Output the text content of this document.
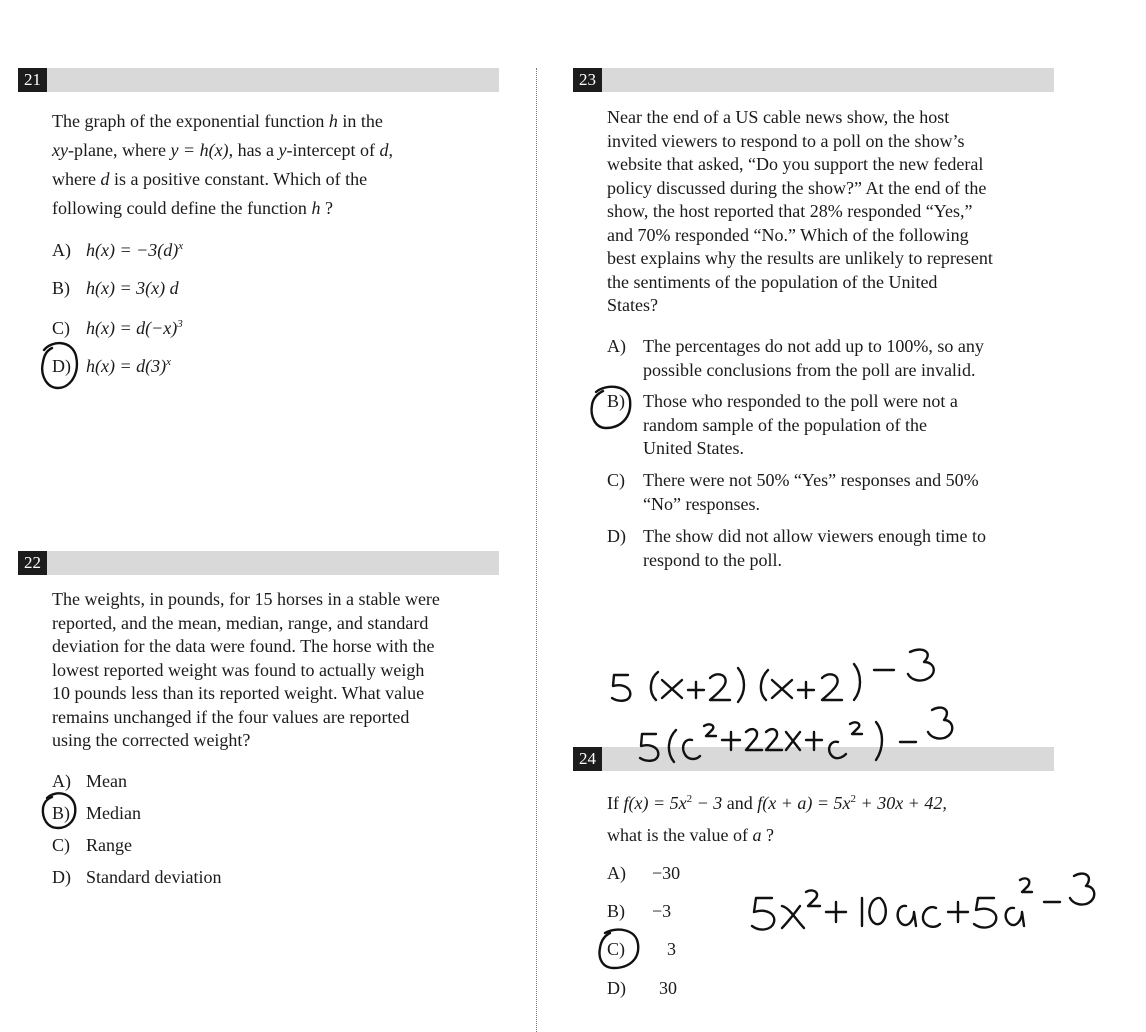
21
The graph of the exponential function h in the
xy-plane, where y = h(x), has a y-intercept of d,
where d is a positive constant. Which of the
following could define the function h ?
A) $h(x) = -3(d)^x$
B) h(x) = 3(x) d
C) $h(x) = d(-x)^3$
D) $h(x) = d(3)^x$
22
The weights, in pounds, for 15 horses in a stable were
reported, and the mean, median, range, and standard
deviation for the data were found. The horse with the
lowest reported weight was found to actually weigh
10 pounds less than its reported weight. What value
remains unchanged if the four values are reported
using the corrected weight?
A) Mean
B) Median
C) Range
D) Standard deviation
23
Near the end of a US cable news show, the host
invited viewers to respond to a poll on the show’s
website that asked, “Do you support the new federal
policy discussed during the show?” At the end of the
show, the host reported that 28% responded “Yes,”
and 70% responded “No.” Which of the following
best explains why the results are unlikely to represent
the sentiments of the population of the United
States?
A) The percentages do not add up to 100%, so any
possible conclusions from the poll are invalid.
B) Those who responded to the poll were not a
random sample of the population of the
United States.
C) There were not 50% “Yes” responses and 50%
“No” responses.
D) The show did not allow viewers enough time to
respond to the poll.
24
If $f(x) = 5x^2 - 3$ and $f(x + a) = 5x^2 + 30x + 42$,
what is the value of a ?
A) −30
B) −3
C) 3
D) 30
